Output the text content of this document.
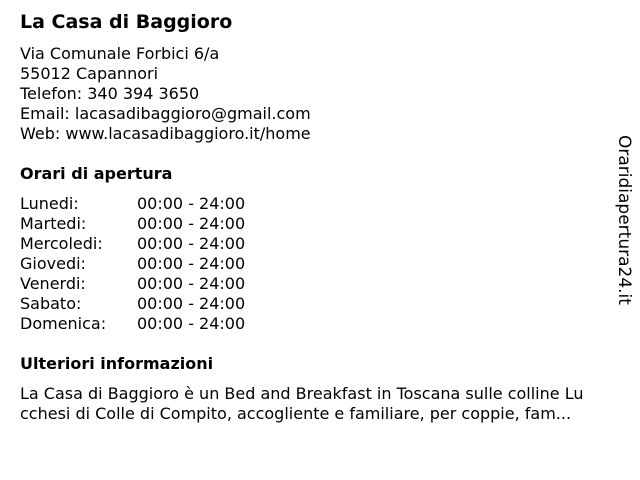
La Casa di Baggioro
Via Comunale Forbici 6/a
55012 Capannori
Telefon: 340 394 3650
Email: lacasadibaggioro@gmail.com
Web: www.lacasadibaggioro.it/home
Orari di apertura
Lunedi:	00:00 - 24:00
Martedi:	00:00 - 24:00
Mercoledi:	00:00 - 24:00
Giovedi:	00:00 - 24:00
Venerdi:	00:00 - 24:00
Sabato:	00:00 - 24:00
Domenica:	00:00 - 24:00
Ulteriori informazioni
La Casa di Baggioro è un Bed and Breakfast in Toscana sulle colline Lu
cchesi di Colle di Compito, accogliente e familiare, per coppie, fam...
Oraridiapertura24.it
